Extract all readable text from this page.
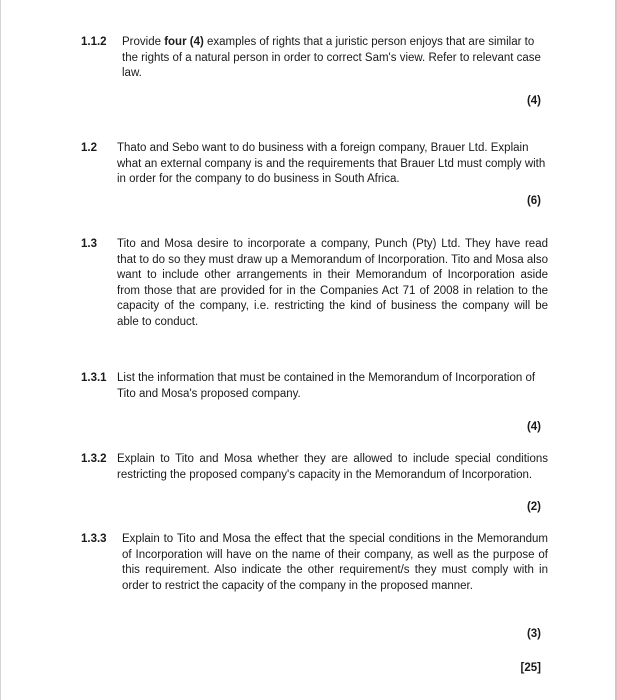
1.1.2 Provide four (4) examples of rights that a juristic person enjoys that are similar to the rights of a natural person in order to correct Sam's view. Refer to relevant case law.

(4)
1.2 Thato and Sebo want to do business with a foreign company, Brauer Ltd. Explain what an external company is and the requirements that Brauer Ltd must comply with in order for the company to do business in South Africa.

(6)
1.3 Tito and Mosa desire to incorporate a company, Punch (Pty) Ltd. They have read that to do so they must draw up a Memorandum of Incorporation. Tito and Mosa also want to include other arrangements in their Memorandum of Incorporation aside from those that are provided for in the Companies Act 71 of 2008 in relation to the capacity of the company, i.e. restricting the kind of business the company will be able to conduct.

1.3.1 List the information that must be contained in the Memorandum of Incorporation of Tito and Mosa's proposed company.

(4)
1.3.2 Explain to Tito and Mosa whether they are allowed to include special conditions restricting the proposed company's capacity in the Memorandum of Incorporation.

(2)
1.3.3 Explain to Tito and Mosa the effect that the special conditions in the Memorandum of Incorporation will have on the name of their company, as well as the purpose of this requirement. Also indicate the other requirement/s they must comply with in order to restrict the capacity of the company in the proposed manner.

(3)
[25]
